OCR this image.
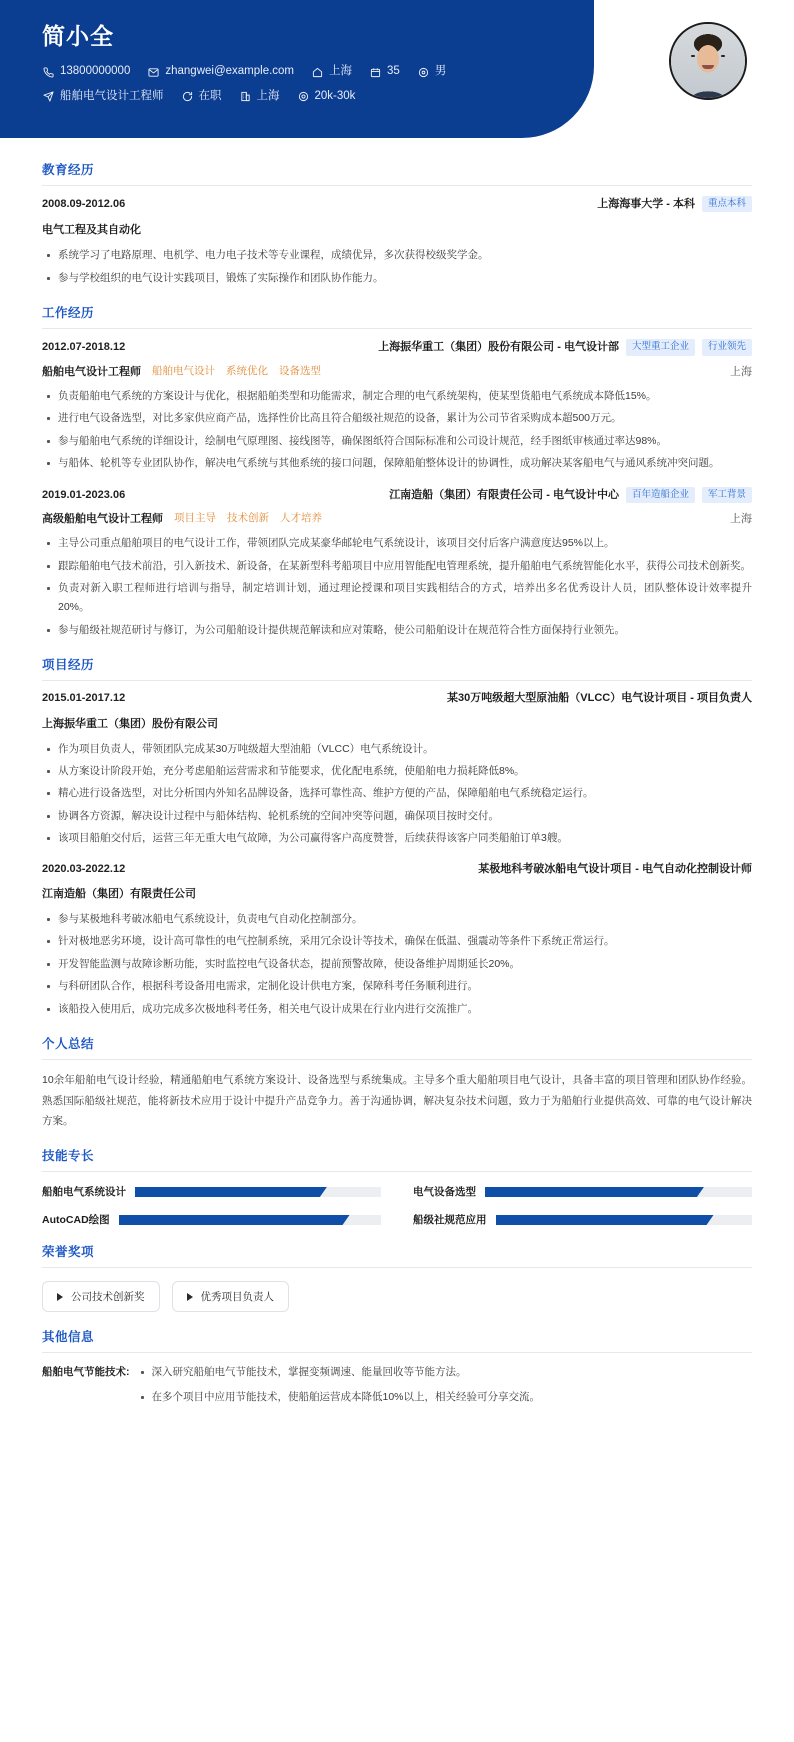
简小全
13800000000	zhangwei@example.com	上海	35	男
船舶电气设计工程师	在职	上海	20k-30k
教育经历
2008.09-2012.06	上海海事大学 - 本科	重点本科
电气工程及其自动化
系统学习了电路原理、电机学、电力电子技术等专业课程，成绩优异，多次获得校级奖学金。
参与学校组织的电气设计实践项目，锻炼了实际操作和团队协作能力。
工作经历
2012.07-2018.12	上海振华重工（集团）股份有限公司 - 电气设计部	大型重工企业	行业领先
船舶电气设计工程师 船舶电气设计 系统优化 设备选型	上海
负责船舶电气系统的方案设计与优化，根据船舶类型和功能需求，制定合理的电气系统架构，使某型货船电气系统成本降低15%。
进行电气设备选型，对比多家供应商产品，选择性价比高且符合船级社规范的设备，累计为公司节省采购成本超500万元。
参与船舶电气系统的详细设计，绘制电气原理图、接线图等，确保图纸符合国际标准和公司设计规范，经手图纸审核通过率达98%。
与船体、轮机等专业团队协作，解决电气系统与其他系统的接口问题，保障船舶整体设计的协调性，成功解决某客船电气与通风系统冲突问题。
2019.01-2023.06	江南造船（集团）有限责任公司 - 电气设计中心	百年造船企业	军工背景
高级船舶电气设计工程师 项目主导 技术创新 人才培养	上海
主导公司重点船舶项目的电气设计工作，带领团队完成某豪华邮轮电气系统设计，该项目交付后客户满意度达95%以上。
跟踪船舶电气技术前沿，引入新技术、新设备，在某新型科考船项目中应用智能配电管理系统，提升船舶电气系统智能化水平，获得公司技术创新奖。
负责对新入职工程师进行培训与指导，制定培训计划，通过理论授课和项目实践相结合的方式，培养出多名优秀设计人员，团队整体设计效率提升20%。
参与船级社规范研讨与修订，为公司船舶设计提供规范解读和应对策略，使公司船舶设计在规范符合性方面保持行业领先。
项目经历
2015.01-2017.12	某30万吨级超大型原油船（VLCC）电气设计项目 - 项目负责人
上海振华重工（集团）股份有限公司
作为项目负责人，带领团队完成某30万吨级超大型油船（VLCC）电气系统设计。
从方案设计阶段开始，充分考虑船舶运营需求和节能要求，优化配电系统，使船舶电力损耗降低8%。
精心进行设备选型，对比分析国内外知名品牌设备，选择可靠性高、维护方便的产品，保障船舶电气系统稳定运行。
协调各方资源，解决设计过程中与船体结构、轮机系统的空间冲突等问题，确保项目按时交付。
该项目船舶交付后，运营三年无重大电气故障，为公司赢得客户高度赞誉，后续获得该客户同类船舶订单3艘。
2020.03-2022.12	某极地科考破冰船电气设计项目 - 电气自动化控制设计师
江南造船（集团）有限责任公司
参与某极地科考破冰船电气系统设计，负责电气自动化控制部分。
针对极地恶劣环境，设计高可靠性的电气控制系统，采用冗余设计等技术，确保在低温、强震动等条件下系统正常运行。
开发智能监测与故障诊断功能，实时监控电气设备状态，提前预警故障，使设备维护周期延长20%。
与科研团队合作，根据科考设备用电需求，定制化设计供电方案，保障科考任务顺利进行。
该船投入使用后，成功完成多次极地科考任务，相关电气设计成果在行业内进行交流推广。
个人总结
10余年船舶电气设计经验，精通船舶电气系统方案设计、设备选型与系统集成。主导多个重大船舶项目电气设计，具备丰富的项目管理和团队协作经验。熟悉国际船级社规范，能将新技术应用于设计中提升产品竞争力。善于沟通协调，解决复杂技术问题，致力于为船舶行业提供高效、可靠的电气设计解决方案。
技能专长
船舶电气系统设计	电气设备选型
AutoCAD绘图	船级社规范应用
荣誉奖项
公司技术创新奖	优秀项目负责人
其他信息
船舶电气节能技术: 深入研究船舶电气节能技术，掌握变频调速、能量回收等节能方法。
在多个项目中应用节能技术，使船舶运营成本降低10%以上，相关经验可分享交流。
